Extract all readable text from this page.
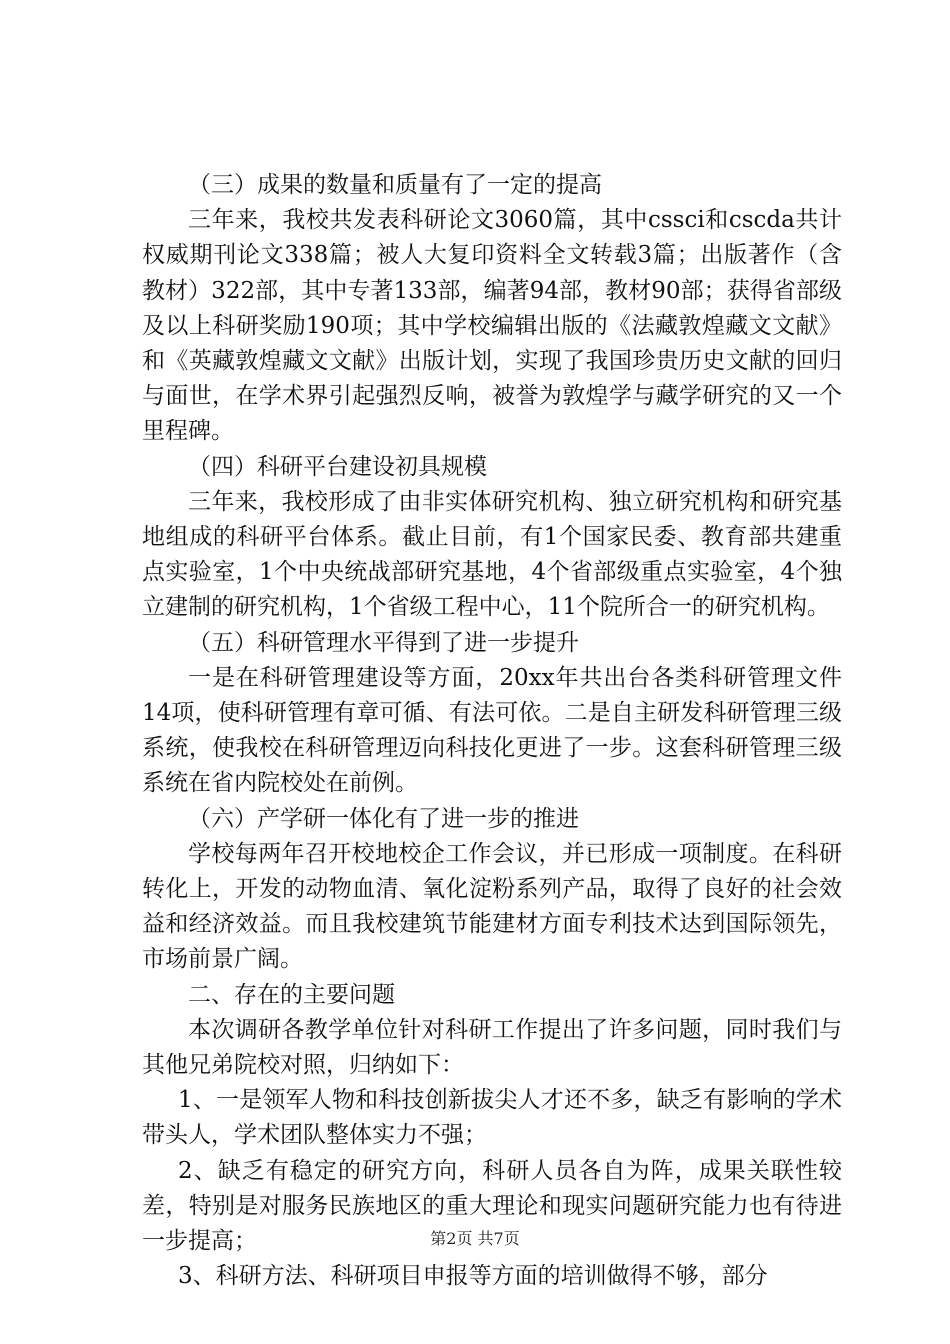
（三）成果的数量和质量有了一定的提高

三年来，我校共发表科研论文3060篇，其中cssci和cscda共计权威期刊论文338篇；被人大复印资料全文转载3篇；出版著作（含教材）322部，其中专著133部，编著94部，教材90部；获得省部级及以上科研奖励190项；其中学校编辑出版的《法藏敦煌藏文文献》和《英藏敦煌藏文文献》出版计划，实现了我国珍贵历史文献的回归与面世，在学术界引起强烈反响，被誉为敦煌学与藏学研究的又一个里程碑。

（四）科研平台建设初具规模

三年来，我校形成了由非实体研究机构、独立研究机构和研究基地组成的科研平台体系。截止目前，有1个国家民委、教育部共建重点实验室，1个中央统战部研究基地，4个省部级重点实验室，4个独立建制的研究机构，1个省级工程中心，11个院所合一的研究机构。

（五）科研管理水平得到了进一步提升

一是在科研管理建设等方面，20xx年共出台各类科研管理文件14项，使科研管理有章可循、有法可依。二是自主研发科研管理三级系统，使我校在科研管理迈向科技化更进了一步。这套科研管理三级系统在省内院校处在前例。

（六）产学研一体化有了进一步的推进

学校每两年召开校地校企工作会议，并已形成一项制度。在科研转化上，开发的动物血清、氧化淀粉系列产品，取得了良好的社会效益和经济效益。而且我校建筑节能建材方面专利技术达到国际领先，市场前景广阔。

二、存在的主要问题

本次调研各教学单位针对科研工作提出了许多问题，同时我们与其他兄弟院校对照，归纳如下：

1、一是领军人物和科技创新拔尖人才还不多，缺乏有影响的学术带头人，学术团队整体实力不强；

2、缺乏有稳定的研究方向，科研人员各自为阵，成果关联性较差，特别是对服务民族地区的重大理论和现实问题研究能力也有待进一步提高；

3、科研方法、科研项目申报等方面的培训做得不够，部分

第2页 共7页
